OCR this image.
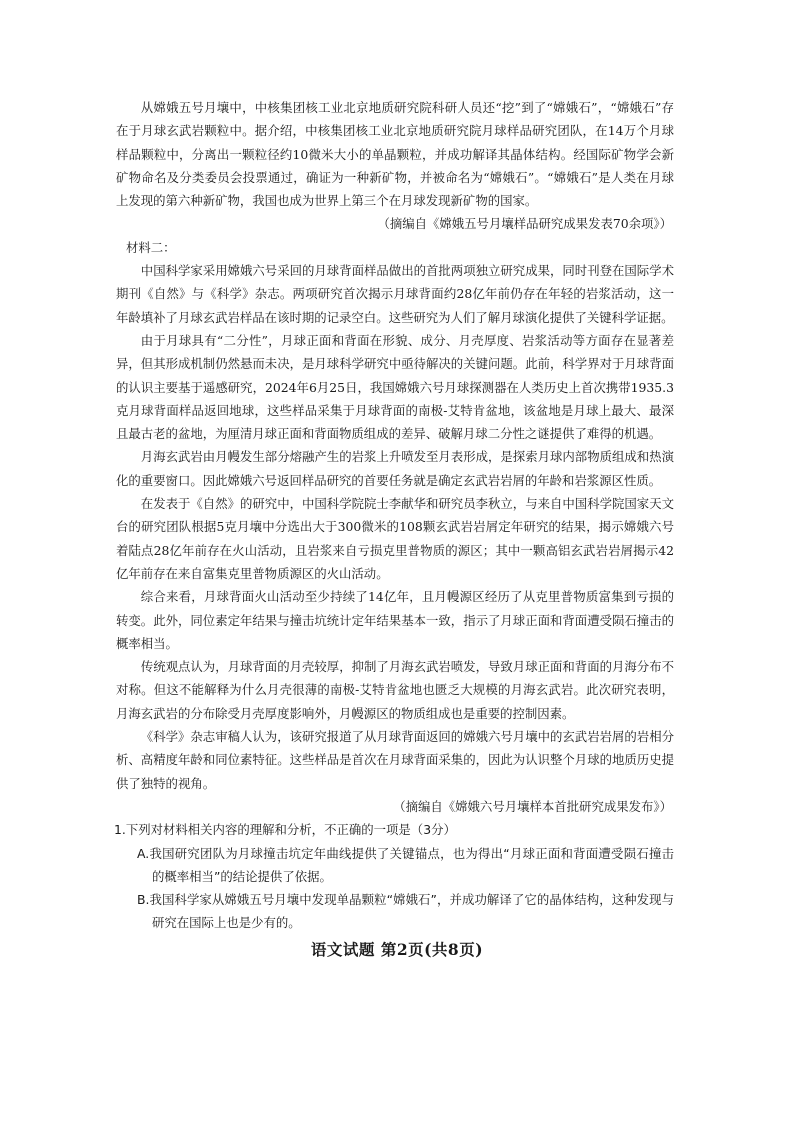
从嫦娥五号月壤中，中核集团核工业北京地质研究院科研人员还“挖”到了“嫦娥石”，“嫦娥石”存在于月球玄武岩颗粒中。据介绍，中核集团核工业北京地质研究院月球样品研究团队，在14万个月球样品颗粒中，分离出一颗粒径约10微米大小的单晶颗粒，并成功解译其晶体结构。经国际矿物学会新矿物命名及分类委员会投票通过，确证为一种新矿物，并被命名为“嫦娥石”。“嫦娥石”是人类在月球上发现的第六种新矿物，我国也成为世界上第三个在月球发现新矿物的国家。

（摘编自《嫦娥五号月壤样品研究成果发表70余项》）

材料二：

中国科学家采用嫦娥六号采回的月球背面样品做出的首批两项独立研究成果，同时刊登在国际学术期刊《自然》与《科学》杂志。两项研究首次揭示月球背面约28亿年前仍存在年轻的岩浆活动，这一年龄填补了月球玄武岩样品在该时期的记录空白。这些研究为人们了解月球演化提供了关键科学证据。

由于月球具有“二分性”，月球正面和背面在形貌、成分、月壳厚度、岩浆活动等方面存在显著差异，但其形成机制仍然悬而未决，是月球科学研究中亟待解决的关键问题。此前，科学界对于月球背面的认识主要基于遥感研究，2024年6月25日，我国嫦娥六号月球探测器在人类历史上首次携带1935.3克月球背面样品返回地球，这些样品采集于月球背面的南极-艾特肯盆地，该盆地是月球上最大、最深且最古老的盆地，为厘清月球正面和背面物质组成的差异、破解月球二分性之谜提供了难得的机遇。

月海玄武岩由月幔发生部分熔融产生的岩浆上升喷发至月表形成，是探索月球内部物质组成和热演化的重要窗口。因此嫦娥六号返回样品研究的首要任务就是确定玄武岩岩屑的年龄和岩浆源区性质。

在发表于《自然》的研究中，中国科学院院士李献华和研究员李秋立，与来自中国科学院国家天文台的研究团队根据5克月壤中分选出大于300微米的108颗玄武岩岩屑定年研究的结果，揭示嫦娥六号着陆点28亿年前存在火山活动，且岩浆来自亏损克里普物质的源区；其中一颗高铝玄武岩岩屑揭示42亿年前存在来自富集克里普物质源区的火山活动。

综合来看，月球背面火山活动至少持续了14亿年，且月幔源区经历了从克里普物质富集到亏损的转变。此外，同位素定年结果与撞击坑统计定年结果基本一致，指示了月球正面和背面遭受陨石撞击的概率相当。

传统观点认为，月球背面的月壳较厚，抑制了月海玄武岩喷发，导致月球正面和背面的月海分布不对称。但这不能解释为什么月壳很薄的南极-艾特肯盆地也匮乏大规模的月海玄武岩。此次研究表明，月海玄武岩的分布除受月壳厚度影响外，月幔源区的物质组成也是重要的控制因素。

《科学》杂志审稿人认为，该研究报道了从月球背面返回的嫦娥六号月壤中的玄武岩岩屑的岩相分析、高精度年龄和同位素特征。这些样品是首次在月球背面采集的，因此为认识整个月球的地质历史提供了独特的视角。

（摘编自《嫦娥六号月壤样本首批研究成果发布》）

1.下列对材料相关内容的理解和分析，不正确的一项是（3分）

A.我国研究团队为月球撞击坑定年曲线提供了关键锚点，也为得出“月球正面和背面遭受陨石撞击的概率相当”的结论提供了依据。

B.我国科学家从嫦娥五号月壤中发现单晶颗粒“嫦娥石”，并成功解译了它的晶体结构，这种发现与研究在国际上也是少有的。

语文试题 第2页(共8页)
